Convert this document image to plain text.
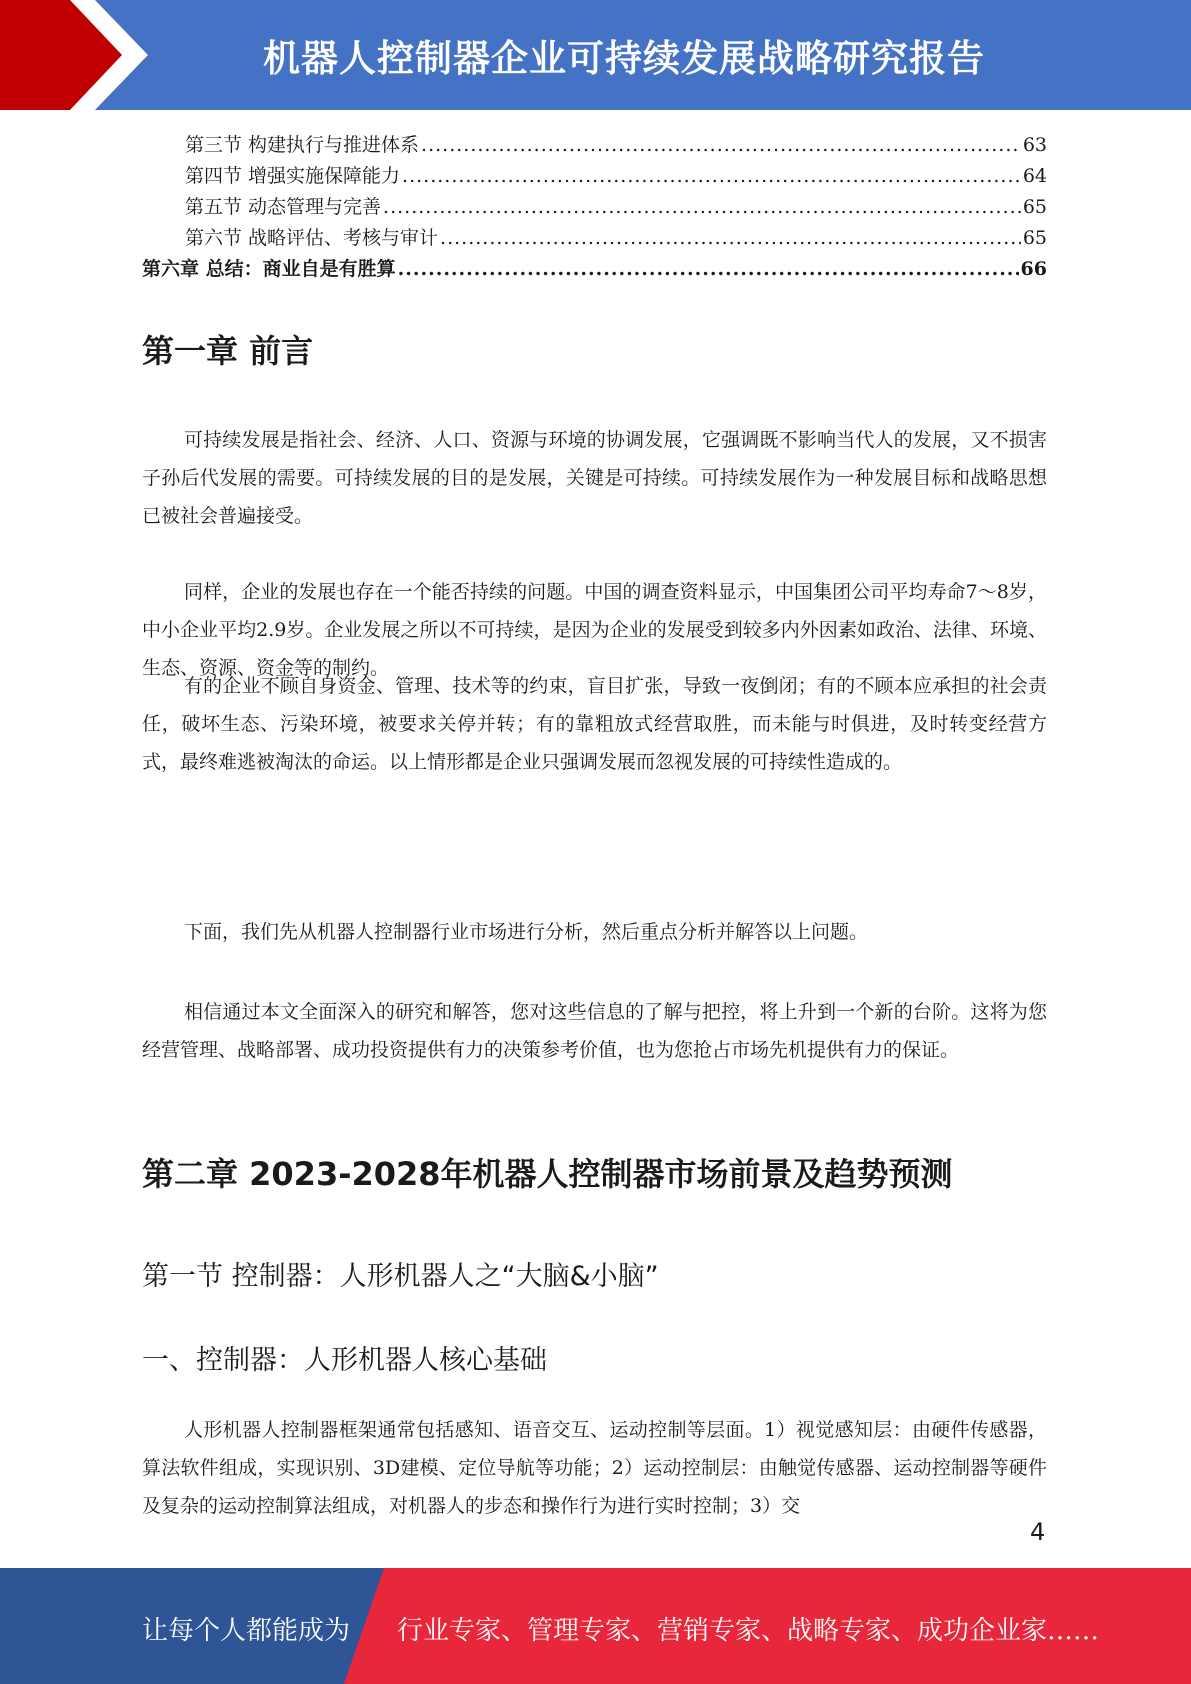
机器人控制器企业可持续发展战略研究报告
第三节 构建执行与推进体系 .....	63
第四节 增强实施保障能力 .....	64
第五节 动态管理与完善 .....	65
第六节 战略评估、考核与审计 .....	65
第六章 总结：商业自是有胜算 .....	66
第一章 前言

可持续发展是指社会、经济、人口、资源与环境的协调发展，它强调既不影响当代人的发展，又不损害子孙后代发展的需要。可持续发展的目的是发展，关键是可持续。可持续发展作为一种发展目标和战略思想已被社会普遍接受。

同样，企业的发展也存在一个能否持续的问题。中国的调查资料显示，中国集团公司平均寿命7～8岁，中小企业平均2.9岁。企业发展之所以不可持续，是因为企业的发展受到较多内外因素如政治、法律、环境、生态、资源、资金等的制约。

有的企业不顾自身资金、管理、技术等的约束，盲目扩张，导致一夜倒闭；有的不顾本应承担的社会责任，破坏生态、污染环境，被要求关停并转；有的靠粗放式经营取胜，而未能与时俱进，及时转变经营方式，最终难逃被淘汰的命运。以上情形都是企业只强调发展而忽视发展的可持续性造成的。

下面，我们先从机器人控制器行业市场进行分析，然后重点分析并解答以上问题。

相信通过本文全面深入的研究和解答，您对这些信息的了解与把控，将上升到一个新的台阶。这将为您经营管理、战略部署、成功投资提供有力的决策参考价值，也为您抢占市场先机提供有力的保证。

第二章 2023-2028年机器人控制器市场前景及趋势预测
第一节 控制器：人形机器人之“大脑&小脑”
一、控制器：人形机器人核心基础

人形机器人控制器框架通常包括感知、语音交互、运动控制等层面。1）视觉感知层：由硬件传感器，算法软件组成，实现识别、3D建模、定位导航等功能；2）运动控制层：由触觉传感器、运动控制器等硬件及复杂的运动控制算法组成，对机器人的步态和操作行为进行实时控制；3）交

4
让每个人都能成为 行业专家、管理专家、营销专家、战略专家、成功企业家……
